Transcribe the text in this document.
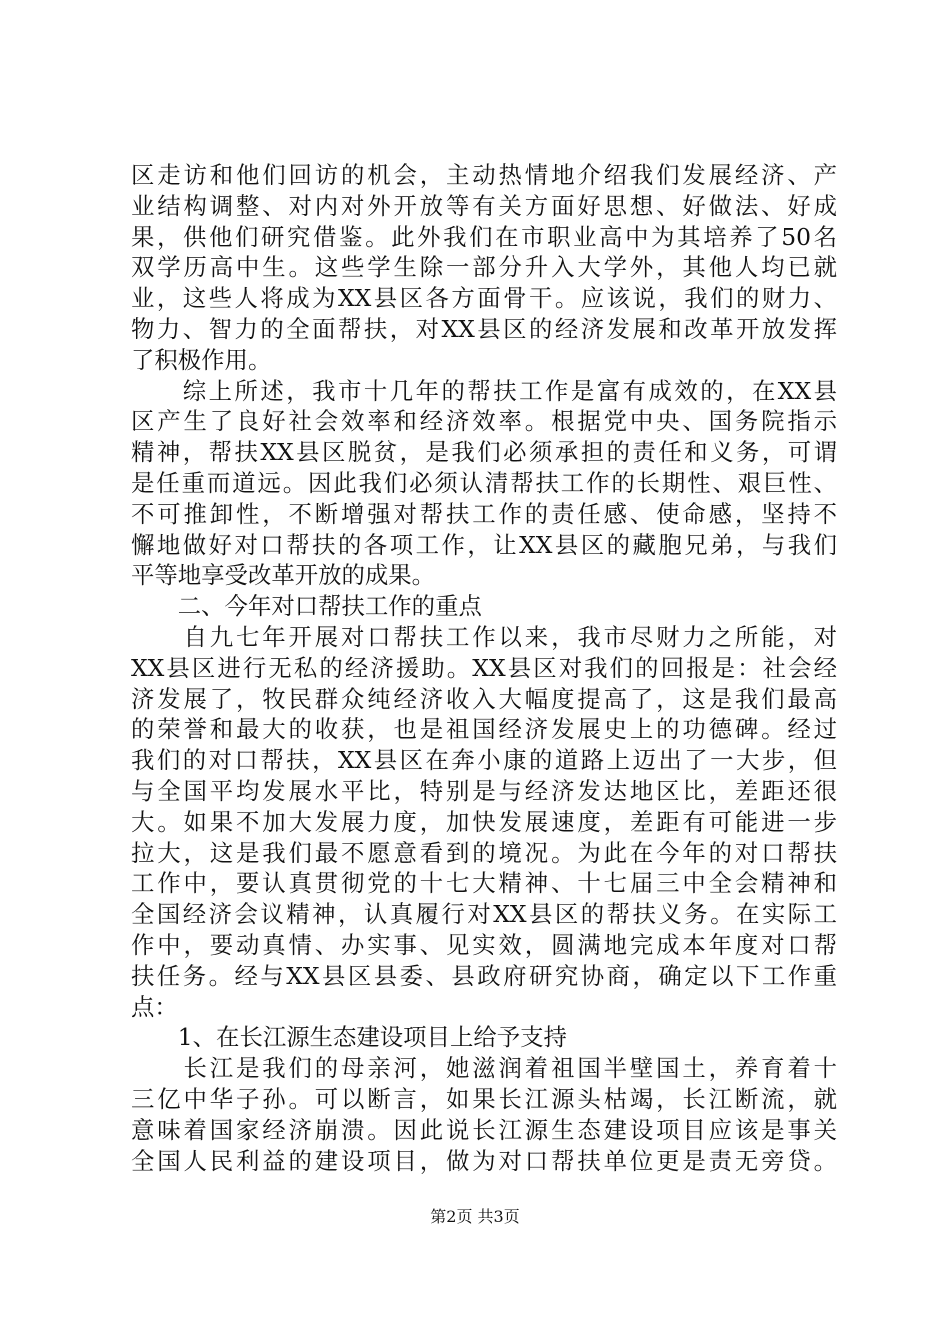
区走访和他们回访的机会，主动热情地介绍我们发展经济、产
业结构调整、对内对外开放等有关方面好思想、好做法、好成
果，供他们研究借鉴。此外我们在市职业高中为其培养了50名
双学历高中生。这些学生除一部分升入大学外，其他人均已就
业，这些人将成为XX县区各方面骨干。应该说，我们的财力、
物力、智力的全面帮扶，对XX县区的经济发展和改革开放发挥
了积极作用。
　　综上所述，我市十几年的帮扶工作是富有成效的，在XX县
区产生了良好社会效率和经济效率。根据党中央、国务院指示
精神，帮扶XX县区脱贫，是我们必须承担的责任和义务，可谓
是任重而道远。因此我们必须认清帮扶工作的长期性、艰巨性、
不可推卸性，不断增强对帮扶工作的责任感、使命感，坚持不
懈地做好对口帮扶的各项工作，让XX县区的藏胞兄弟，与我们
平等地享受改革开放的成果。
　　二、今年对口帮扶工作的重点
　　自九七年开展对口帮扶工作以来，我市尽财力之所能，对
XX县区进行无私的经济援助。XX县区对我们的回报是：社会经
济发展了，牧民群众纯经济收入大幅度提高了，这是我们最高
的荣誉和最大的收获，也是祖国经济发展史上的功德碑。经过
我们的对口帮扶，XX县区在奔小康的道路上迈出了一大步，但
与全国平均发展水平比，特别是与经济发达地区比，差距还很
大。如果不加大发展力度，加快发展速度，差距有可能进一步
拉大，这是我们最不愿意看到的境况。为此在今年的对口帮扶
工作中，要认真贯彻党的十七大精神、十七届三中全会精神和
全国经济会议精神，认真履行对XX县区的帮扶义务。在实际工
作中，要动真情、办实事、见实效，圆满地完成本年度对口帮
扶任务。经与XX县区县委、县政府研究协商，确定以下工作重
点：
　　1、在长江源生态建设项目上给予支持
　　长江是我们的母亲河，她滋润着祖国半壁国土，养育着十
三亿中华子孙。可以断言，如果长江源头枯竭，长江断流，就
意味着国家经济崩溃。因此说长江源生态建设项目应该是事关
全国人民利益的建设项目，做为对口帮扶单位更是责无旁贷。
第2页 共3页
